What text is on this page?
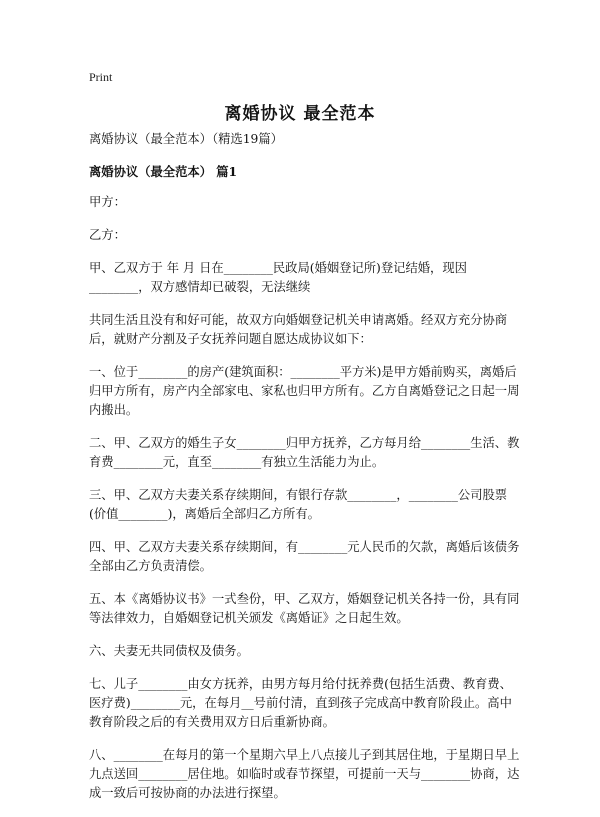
Print
离婚协议 最全范本

离婚协议（最全范本）（精选19篇）

离婚协议（最全范本） 篇1

甲方：

乙方：

甲、乙双方于 年 月 日在________民政局(婚姻登记所)登记结婚，现因________，双方感情却已破裂，无法继续

共同生活且没有和好可能，故双方向婚姻登记机关申请离婚。经双方充分协商后，就财产分割及子女抚养问题自愿达成协议如下：

一、位于________的房产(建筑面积：________平方米)是甲方婚前购买，离婚后归甲方所有，房产内全部家电、家私也归甲方所有。乙方自离婚登记之日起一周内搬出。

二、甲、乙双方的婚生子女________归甲方抚养，乙方每月给________生活、教育费________元，直至________有独立生活能力为止。

三、甲、乙双方夫妻关系存续期间，有银行存款________，________公司股票(价值________)，离婚后全部归乙方所有。

四、甲、乙双方夫妻关系存续期间，有________元人民币的欠款，离婚后该债务全部由乙方负责清偿。

五、本《离婚协议书》一式叁份，甲、乙双方，婚姻登记机关各持一份，具有同等法律效力，自婚姻登记机关颁发《离婚证》之日起生效。

六、夫妻无共同债权及债务。

七、儿子________由女方抚养，由男方每月给付抚养费(包括生活费、教育费、医疗费)________元，在每月__号前付清，直到孩子完成高中教育阶段止。高中教育阶段之后的有关费用双方日后重新协商。

八、________在每月的第一个星期六早上八点接儿子到其居住地，于星期日早上九点送回________居住地。如临时或春节探望，可提前一天与________协商，达成一致后可按协商的办法进行探望。
